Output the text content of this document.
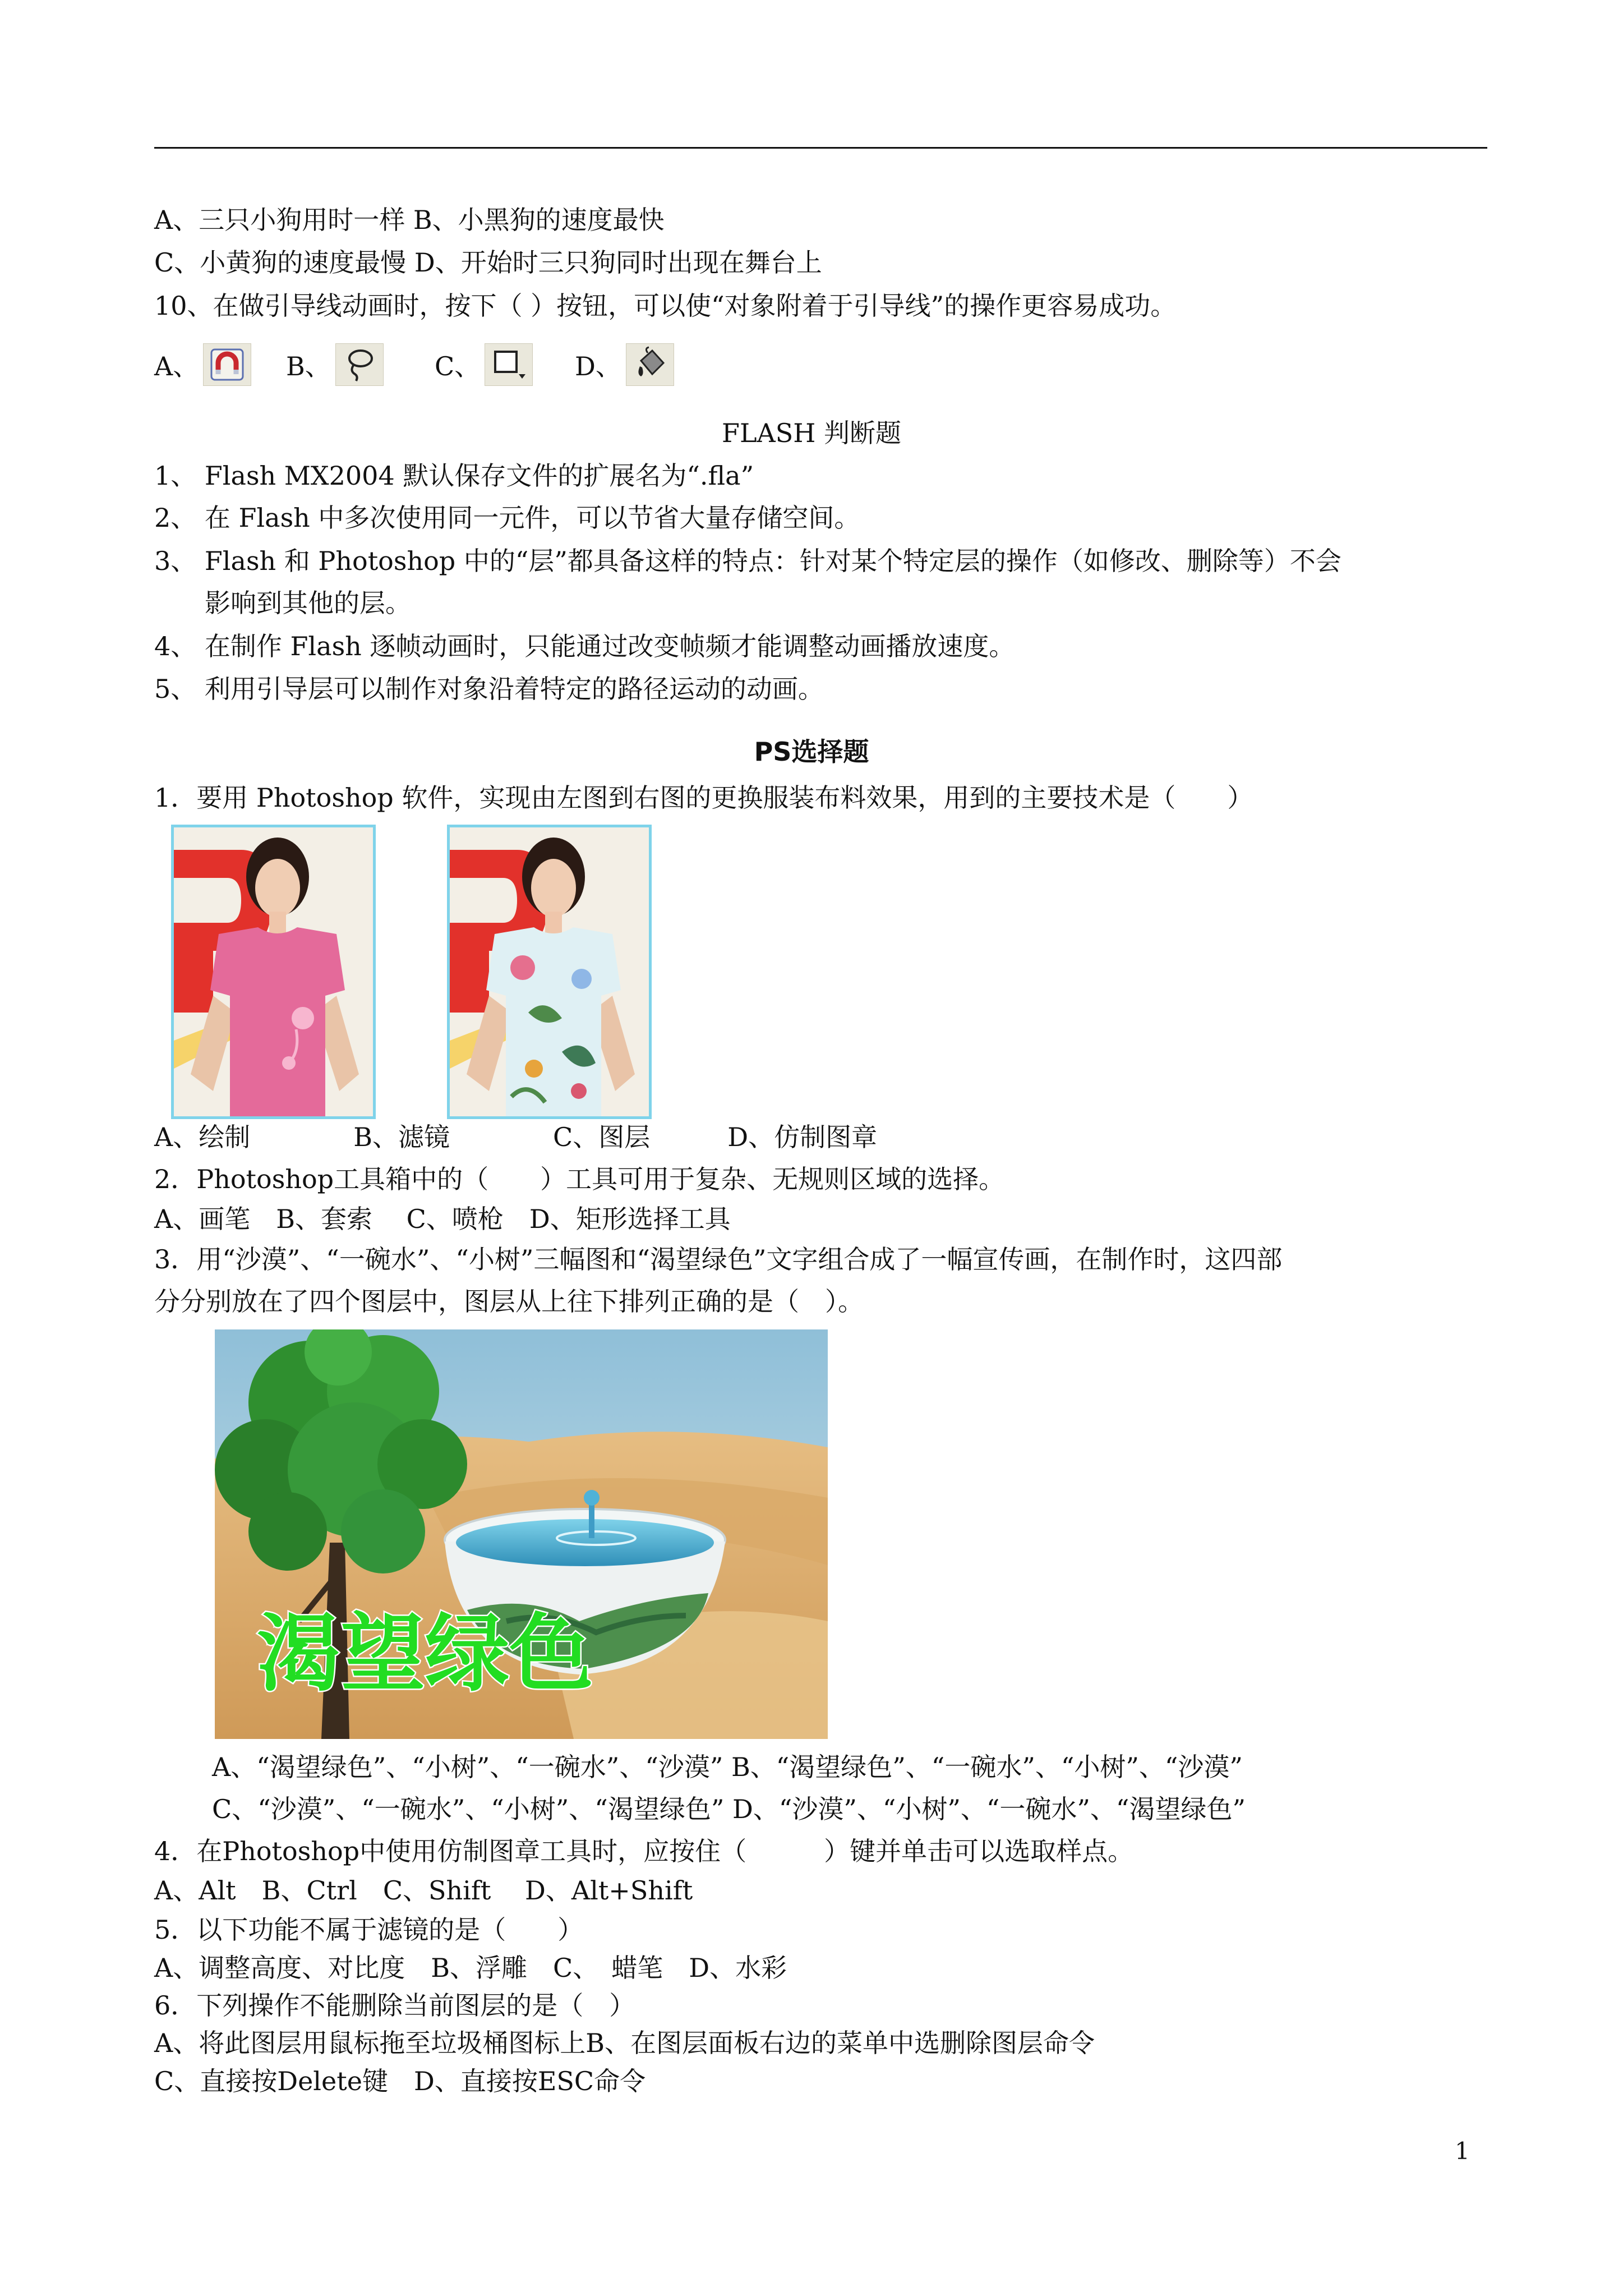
A、三只小狗用时一样 B、小黑狗的速度最快
C、小黄狗的速度最慢 D、开始时三只狗同时出现在舞台上
10、在做引导线动画时，按下（ ）按钮，可以使“对象附着于引导线”的操作更容易成功。
A、	B、	C、	D、
FLASH 判断题
1、 Flash MX2004 默认保存文件的扩展名为“.fla”
2、 在 Flash 中多次使用同一元件，可以节省大量存储空间。
3、 Flash 和 Photoshop 中的“层”都具备这样的特点：针对某个特定层的操作（如修改、删除等）不会
影响到其他的层。
4、 在制作 Flash 逐帧动画时，只能通过改变帧频才能调整动画播放速度。
5、 利用引导层可以制作对象沿着特定的路径运动的动画。
PS选择题
1．要用 Photoshop 软件，实现由左图到右图的更换服装布料效果，用到的主要技术是（　　）
A、绘制　　　　B、滤镜　　　　C、图层　　　D、仿制图章
2．Photoshop工具箱中的（　　）工具可用于复杂、无规则区域的选择。
A、画笔　B、套索　 C、喷枪　D、矩形选择工具
3．用“沙漠”、“一碗水”、“小树”三幅图和“渴望绿色”文字组合成了一幅宣传画，在制作时，这四部
分分别放在了四个图层中，图层从上往下排列正确的是（　）。
渴望绿色
A、“渴望绿色”、“小树”、“一碗水”、“沙漠” B、“渴望绿色”、“一碗水”、“小树”、“沙漠”
C、“沙漠”、“一碗水”、“小树”、“渴望绿色” D、“沙漠”、“小树”、“一碗水”、“渴望绿色”
4．在Photoshop中使用仿制图章工具时，应按住（　　　）键并单击可以选取样点。
A、Alt　B、Ctrl　C、Shift　 D、Alt+Shift
5．以下功能不属于滤镜的是（　　）
A、调整高度、对比度　B、浮雕　C、　蜡笔　D、水彩
6．下列操作不能删除当前图层的是（　）
A、将此图层用鼠标拖至垃圾桶图标上B、在图层面板右边的菜单中选删除图层命令
C、直接按Delete键　D、直接按ESC命令
1
